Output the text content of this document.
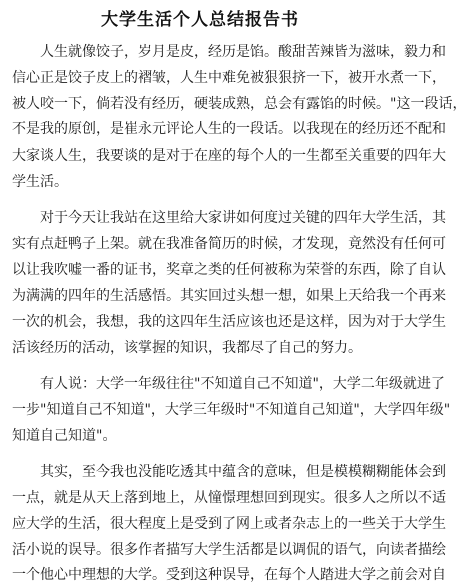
大学生活个人总结报告书
　　人生就像饺子，岁月是皮，经历是馅。酸甜苦辣皆为滋味，毅力和
信心正是饺子皮上的褶皱，人生中难免被狠狠挤一下，被开水煮一下，
被人咬一下，倘若没有经历，硬装成熟，总会有露馅的时候。"这一段话，
不是我的原创，是崔永元评论人生的一段话。以我现在的经历还不配和
大家谈人生，我要谈的是对于在座的每个人的一生都至关重要的四年大
学生活。
　　对于今天让我站在这里给大家讲如何度过关键的四年大学生活，其
实有点赶鸭子上架。就在我准备简历的时候，才发现，竟然没有任何可
以让我吹嘘一番的证书，奖章之类的任何被称为荣誉的东西，除了自认
为满满的四年的生活感悟。其实回过头想一想，如果上天给我一个再来
一次的机会，我想，我的这四年生活应该也还是这样，因为对于大学生
活该经历的活动，该掌握的知识，我都尽了自己的努力。
　　有人说：大学一年级往往"不知道自己不知道"，大学二年级就进了
一步"知道自己不知道"，大学三年级时"不知道自己知道"，大学四年级"
知道自己知道"。
　　其实，至今我也没能吃透其中蕴含的意味，但是模模糊糊能体会到
一点，就是从天上落到地上，从憧憬理想回到现实。很多人之所以不适
应大学的生活，很大程度上是受到了网上或者杂志上的一些关于大学生
活小说的误导。很多作者描写大学生活都是以调侃的语气，向读者描绘
一个他心中理想的大学。受到这种误导，在每个人踏进大学之前会对自
